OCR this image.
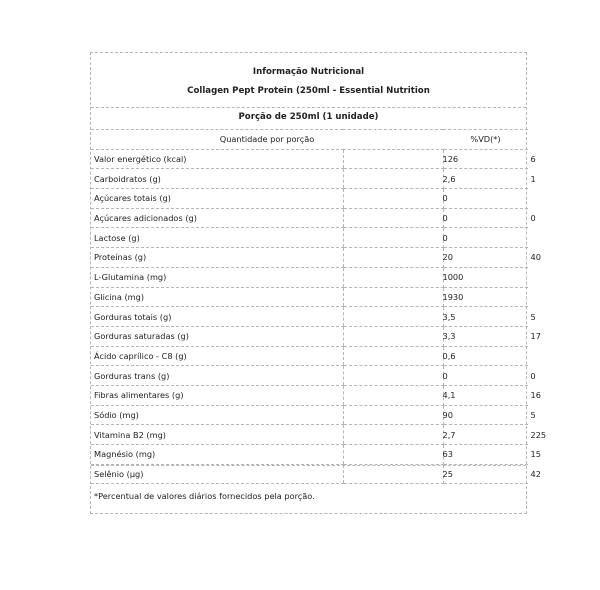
Informação Nutricional
Collagen Pept Protein (250ml - Essential Nutrition
Porção de 250ml (1 unidade)
Quantidade por porção		%VD(*)
Valor energético (kcal)	126	6

Carboidratos (g)	2,6	1

Açúcares totais (g)	0	

Açúcares adicionados (g)	0	0

Lactose (g)	0	

Proteínas (g)	20	40

L-Glutamina (mg)	1000	

Glicina (mg)	1930	

Gorduras totais (g)	3,5	5

Gorduras saturadas (g)	3,3	17

Ácido caprílico - C8 (g)	0,6	

Gorduras trans (g)	0	0

Fibras alimentares (g)	4,1	16

Sódio (mg)	90	5

Vitamina B2 (mg)	2,7	225

Magnésio (mg)	63	15

Selênio (µg)	25	42
*Percentual de valores diários fornecidos pela porção.
